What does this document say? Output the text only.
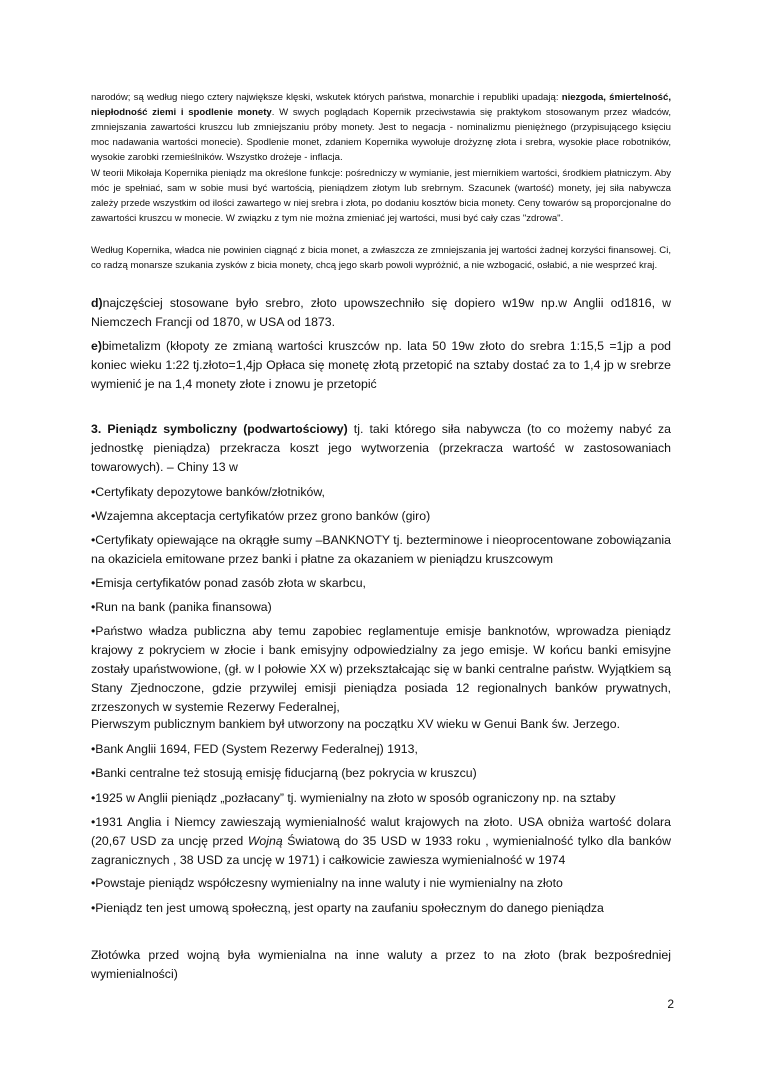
narodów; są według niego cztery największe klęski, wskutek których państwa, monarchie i republiki upadają: niezgoda, śmiertelność, niepłodność ziemi i spodlenie monety. W swych poglądach Kopernik przeciwstawia się praktykom stosowanym przez władców, zmniejszania zawartości kruszcu lub zmniejszaniu próby monety. Jest to negacja - nominalizmu pieniężnego (przypisującego księciu moc nadawania wartości monecie). Spodlenie monet, zdaniem Kopernika wywołuje drożyznę złota i srebra, wysokie płace robotników, wysokie zarobki rzemieślników. Wszystko drożeje - inflacja.

W teorii Mikołaja Kopernika pieniądz ma określone funkcje: pośredniczy w wymianie, jest miernikiem wartości, środkiem płatniczym. Aby móc je spełniać, sam w sobie musi być wartością, pieniądzem złotym lub srebrnym. Szacunek (wartość) monety, jej siła nabywcza zależy przede wszystkim od ilości zawartego w niej srebra i złota, po dodaniu kosztów bicia monety. Ceny towarów są proporcjonalne do zawartości kruszcu w monecie. W związku z tym nie można zmieniać jej wartości, musi być cały czas "zdrowa".

Według Kopernika, władca nie powinien ciągnąć z bicia monet, a zwłaszcza ze zmniejszania jej wartości żadnej korzyści finansowej. Ci, co radzą monarsze szukania zysków z bicia monety, chcą jego skarb powoli wypróżnić, a nie wzbogacić, osłabić, a nie wesprzeć kraj.

d)najczęściej stosowane było srebro, złoto upowszechniło się dopiero w19w np.w Anglii od1816, w Niemczech Francji od 1870, w USA od 1873.

e)bimetalizm (kłopoty ze zmianą wartości kruszców np. lata 50 19w złoto do srebra 1:15,5 =1jp a pod koniec wieku 1:22 tj.złoto=1,4jp Opłaca się monetę złotą przetopić na sztaby dostać za to 1,4 jp w srebrze wymienić je na 1,4 monety złote i znowu je przetopić

3. Pieniądz symboliczny (podwartościowy) tj. taki którego siła nabywcza (to co możemy nabyć za jednostkę pieniądza) przekracza koszt jego wytworzenia (przekracza wartość w zastosowaniach towarowych). – Chiny 13 w

•Certyfikaty depozytowe banków/złotników,

•Wzajemna akceptacja certyfikatów przez grono banków (giro)

•Certyfikaty opiewające na okrągłe sumy –BANKNOTY tj. bezterminowe i nieoprocentowane zobowiązania na okaziciela emitowane przez banki i płatne za okazaniem w pieniądzu kruszcowym

•Emisja certyfikatów ponad zasób złota w skarbcu,

•Run na bank (panika finansowa)

•Państwo władza publiczna aby temu zapobiec reglamentuje emisje banknotów, wprowadza pieniądz krajowy z pokryciem w złocie i bank emisyjny odpowiedzialny za jego emisje. W końcu banki emisyjne zostały upaństwowione, (gł. w I połowie XX w) przekształcając się w banki centralne państw. Wyjątkiem są Stany Zjednoczone, gdzie przywilej emisji pieniądza posiada 12 regionalnych banków prywatnych, zrzeszonych w systemie Rezerwy Federalnej,

Pierwszym publicznym bankiem był utworzony na początku XV wieku w Genui Bank św. Jerzego.

•Bank Anglii 1694, FED (System Rezerwy Federalnej) 1913,

•Banki centralne też stosują emisję fiducjarną (bez pokrycia w kruszcu)

•1925 w Anglii pieniądz „pozłacany” tj. wymienialny na złoto w sposób ograniczony np. na sztaby

•1931 Anglia i Niemcy zawieszają wymienialność walut krajowych na złoto. USA obniża wartość dolara (20,67 USD za uncję przed Wojną Światową do 35 USD w 1933 roku , wymienialność tylko dla banków zagranicznych , 38 USD za uncję w 1971) i całkowicie zawiesza wymienialność w 1974

•Powstaje pieniądz współczesny wymienialny na inne waluty i nie wymienialny na złoto

•Pieniądz ten jest umową społeczną, jest oparty na zaufaniu społecznym do danego pieniądza

Złotówka przed wojną była wymienialna na inne waluty a przez to na złoto (brak bezpośredniej wymienialności)

2
